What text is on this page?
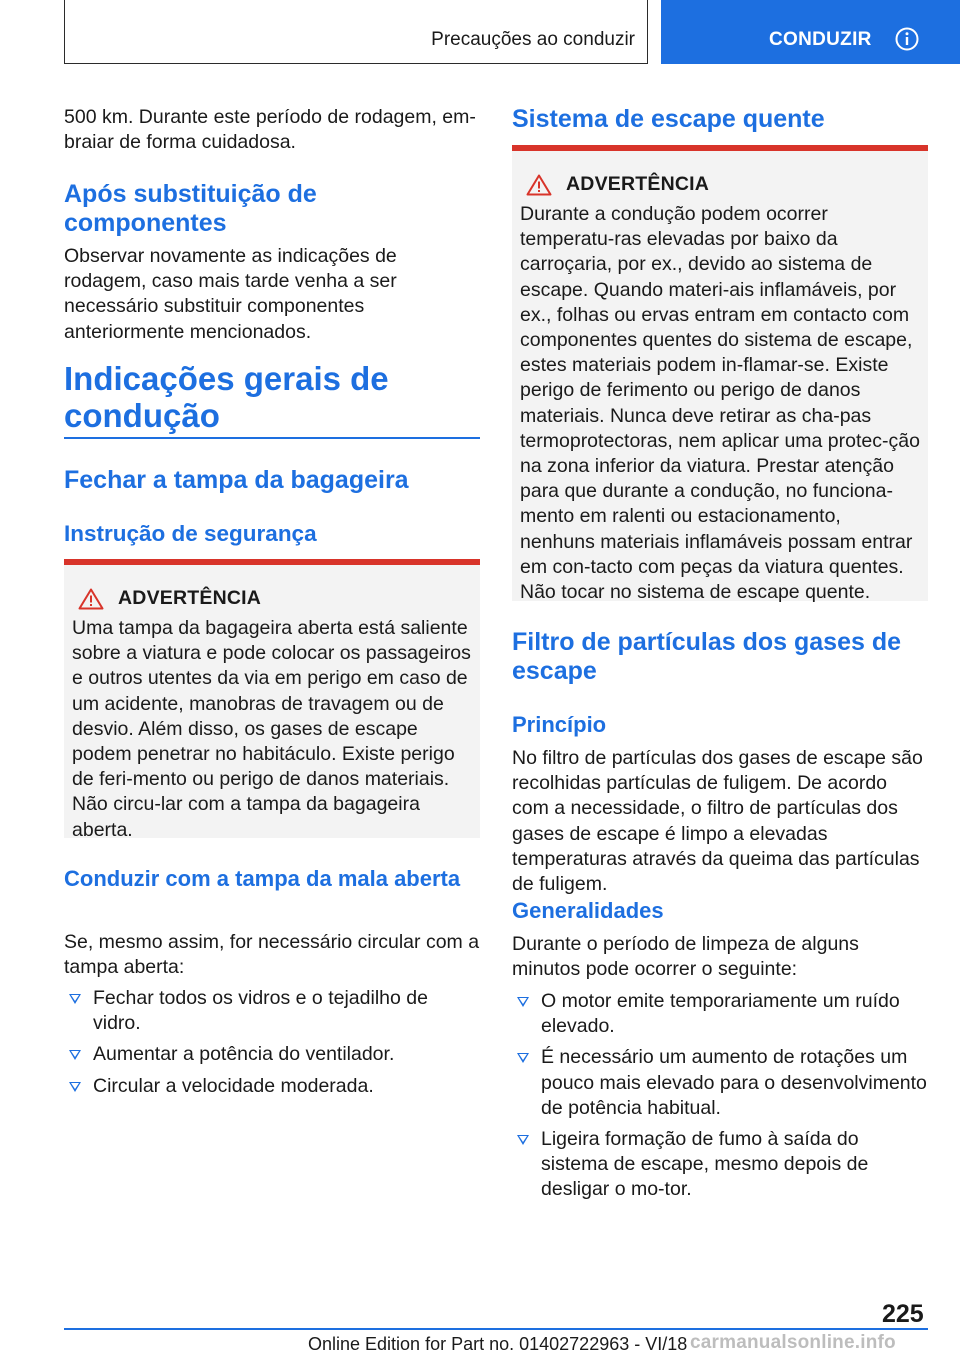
Precauções ao conduzir	CONDUZIR

500 km. Durante este período de rodagem, em-braiar de forma cuidadosa.

Após substituição de componentes

Observar novamente as indicações de rodagem, caso mais tarde venha a ser necessário substituir componentes anteriormente mencionados.

Indicações gerais de condução
Fechar a tampa da bagageira
Instrução de segurança
ADVERTÊNCIA
Uma tampa da bagageira aberta está saliente sobre a viatura e pode colocar os passageiros e outros utentes da via em perigo em caso de um acidente, manobras de travagem ou de desvio. Além disso, os gases de escape podem penetrar no habitáculo. Existe perigo de feri-mento ou perigo de danos materiais. Não circu-lar com a tampa da bagageira aberta.
Conduzir com a tampa da mala aberta

Se, mesmo assim, for necessário circular com a tampa aberta:

Fechar todos os vidros e o tejadilho de vidro.
Aumentar a potência do ventilador.
Circular a velocidade moderada.
Sistema de escape quente
ADVERTÊNCIA
Durante a condução podem ocorrer temperatu-ras elevadas por baixo da carroçaria, por ex., devido ao sistema de escape. Quando materi-ais inflamáveis, por ex., folhas ou ervas entram em contacto com componentes quentes do sistema de escape, estes materiais podem in-flamar-se. Existe perigo de ferimento ou perigo de danos materiais. Nunca deve retirar as cha-pas termoprotectoras, nem aplicar uma protec-ção na zona inferior da viatura. Prestar atenção para que durante a condução, no funciona-mento em ralenti ou estacionamento, nenhuns materiais inflamáveis possam entrar em con-tacto com peças da viatura quentes. Não tocar no sistema de escape quente.
Filtro de partículas dos gases de escape
Princípio

No filtro de partículas dos gases de escape são recolhidas partículas de fuligem. De acordo com a necessidade, o filtro de partículas dos gases de escape é limpo a elevadas temperaturas através da queima das partículas de fuligem.

Generalidades

Durante o período de limpeza de alguns minutos pode ocorrer o seguinte:

O motor emite temporariamente um ruído elevado.
É necessário um aumento de rotações um pouco mais elevado para o desenvolvimento de potência habitual.
Ligeira formação de fumo à saída do sistema de escape, mesmo depois de desligar o mo-tor.
225
Online Edition for Part no. 01402722963 - VI/18 carmanualsonline.info
